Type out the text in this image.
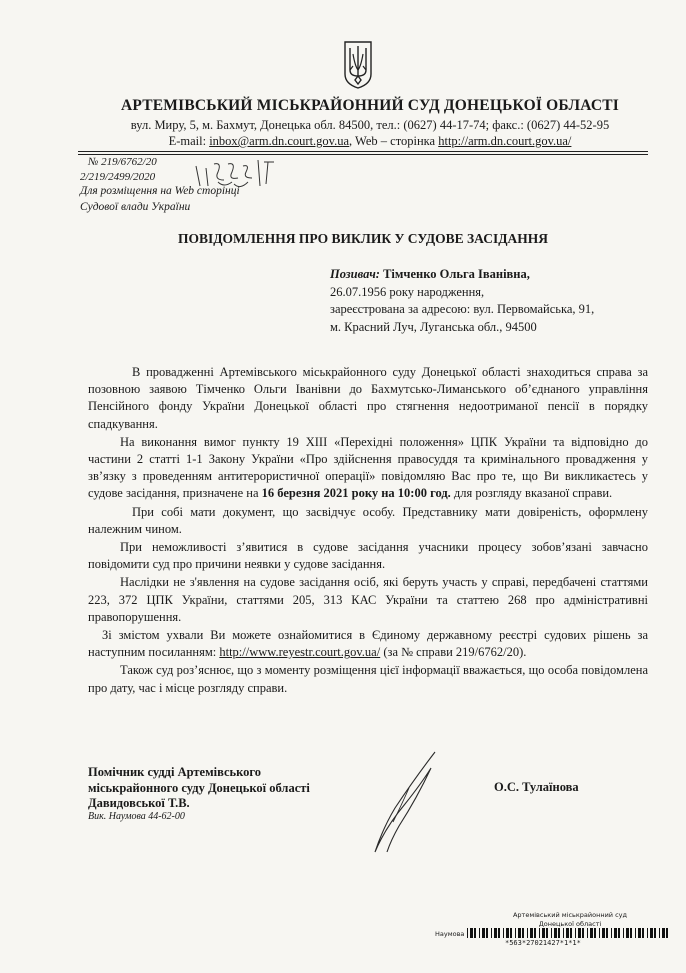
АРТЕМІВСЬКИЙ МІСЬКРАЙОННИЙ СУД ДОНЕЦЬКОЇ ОБЛАСТІ
вул. Миру, 5, м. Бахмут, Донецька обл. 84500, тел.: (0627) 44-17-74; факс.: (0627) 44-52-95
E-mail: inbox@arm.dn.court.gov.ua, Web – сторінка http://arm.dn.court.gov.ua/
№ 219/6762/20
2/219/2499/2020
Для розміщення на Web сторінці
Судової влади України
ПОВІДОМЛЕННЯ ПРО ВИКЛИК У СУДОВЕ ЗАСІДАННЯ
Позивач: Тімченко Ольга Іванівна,
26.07.1956 року народження,
зареєстрована за адресою: вул. Первомайська, 91,
м. Красний Луч, Луганська обл., 94500

В провадженні Артемівського міськрайонного суду Донецької області знаходиться справа за позовною заявою Тімченко Ольги Іванівни до Бахмутсько-Лиманського об’єднаного управління Пенсійного фонду України Донецької області про стягнення недоотриманої пенсії в порядку спадкування.

На виконання вимог пункту 19 ХІІІ «Перехідні положення» ЦПК України та відповідно до частини 2 статті 1-1 Закону України «Про здійснення правосуддя та кримінального провадження у зв’язку з проведенням антитерористичної операції» повідомляю Вас про те, що Ви викликаєтесь у судове засідання, призначене на 16 березня 2021 року на 10:00 год. для розгляду вказаної справи.

При собі мати документ, що засвідчує особу. Представнику мати довіреність, оформлену належним чином.

При неможливості з’явитися в судове засідання учасники процесу зобов’язані завчасно повідомити суд про причини неявки у судове засідання.

Наслідки не з'явлення на судове засідання осіб, які беруть участь у справі, передбачені статтями 223, 372 ЦПК України, статтями 205, 313 КАС України та статтею 268 про адміністративні правопорушення.

Зі змістом ухвали Ви можете ознайомитися в Єдиному державному реєстрі судових рішень за наступним посиланням: http://www.reyestr.court.gov.ua/ (за № справи 219/6762/20).

Також суд роз’яснює, що з моменту розміщення цієї інформації вважається, що особа повідомлена про дату, час і місце розгляду справи.

Помічник судді Артемівського
міськрайонного суду Донецької області
Давидовської Т.В.
Вик. Наумова 44-62-00
О.С. Тулаїнова
Артемівський міськрайонний суд
Донецької області
Наумова
*563*27021427*1*1*
